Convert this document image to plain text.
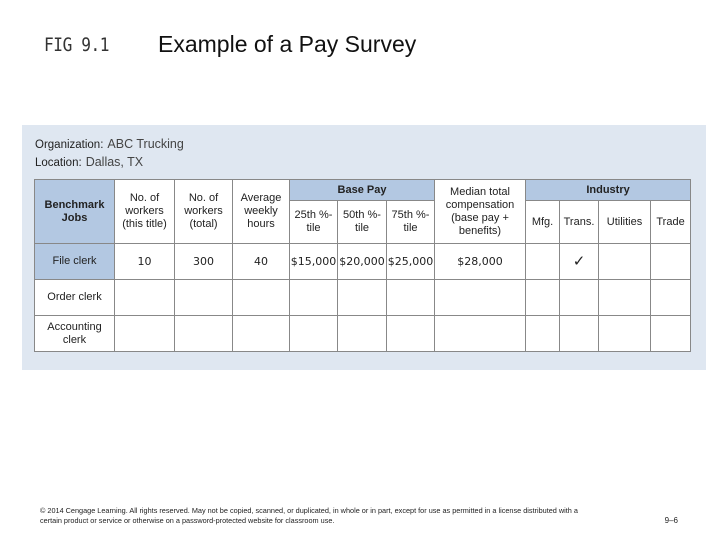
FIG 9.1 Example of a Pay Survey
Organization: ABC Trucking
Location: Dallas, TX
Benchmark Jobs	No. of workers (this title)	No. of workers (total)	Average weekly hours	Base Pay			Median total compensation (base pay + benefits)	Industry			
				25th %-tile	50th %-tile	75th %-tile		Mfg.	Trans.	Utilities	Trade
File clerk	10	300	40	$15,000	$20,000	$25,000	$28,000		✓		
Order clerk											
Accounting clerk											
© 2014 Cengage Learning. All rights reserved. May not be copied, scanned, or duplicated, in whole or in part, except for use as permitted in a license distributed with a certain product or service or otherwise on a password-protected website for classroom use.	9–6
